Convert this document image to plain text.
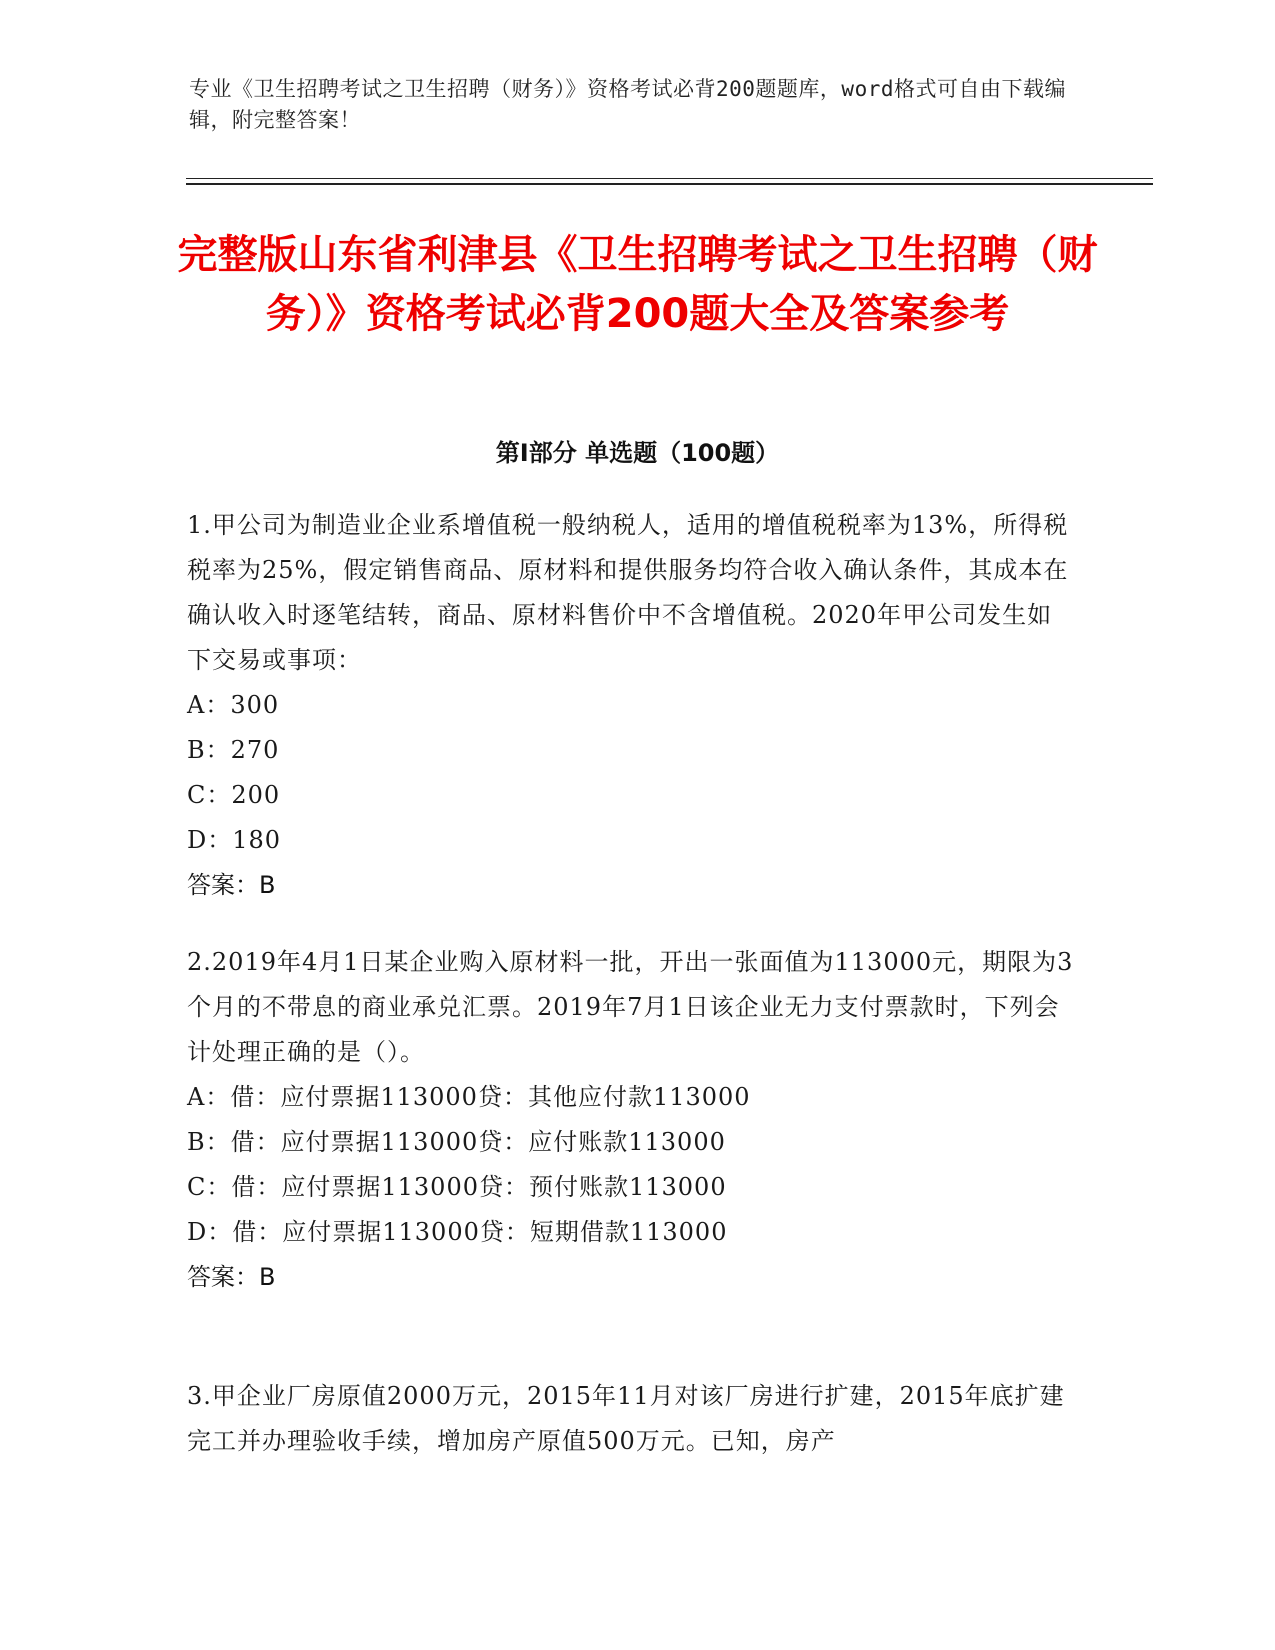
专业《卫生招聘考试之卫生招聘（财务）》资格考试必背200题题库，word格式可自由下载编辑，附完整答案！
完整版山东省利津县《卫生招聘考试之卫生招聘（财务）》资格考试必背200题大全及答案参考
第Ⅰ部分 单选题（100题）

1.甲公司为制造业企业系增值税一般纳税人，适用的增值税税率为13%，所得税税率为25%，假定销售商品、原材料和提供服务均符合收入确认条件，其成本在确认收入时逐笔结转，商品、原材料售价中不含增值税。2020年甲公司发生如下交易或事项：

A：300

B：270

C：200

D：180

答案：B

2.2019年4月1日某企业购入原材料一批，开出一张面值为113000元，期限为3个月的不带息的商业承兑汇票。2019年7月1日该企业无力支付票款时，下列会计处理正确的是（）。

A：借：应付票据113000贷：其他应付款113000

B：借：应付票据113000贷：应付账款113000

C：借：应付票据113000贷：预付账款113000

D：借：应付票据113000贷：短期借款113000

答案：B

3.甲企业厂房原值2000万元，2015年11月对该厂房进行扩建，2015年底扩建完工并办理验收手续，增加房产原值500万元。已知，房产
